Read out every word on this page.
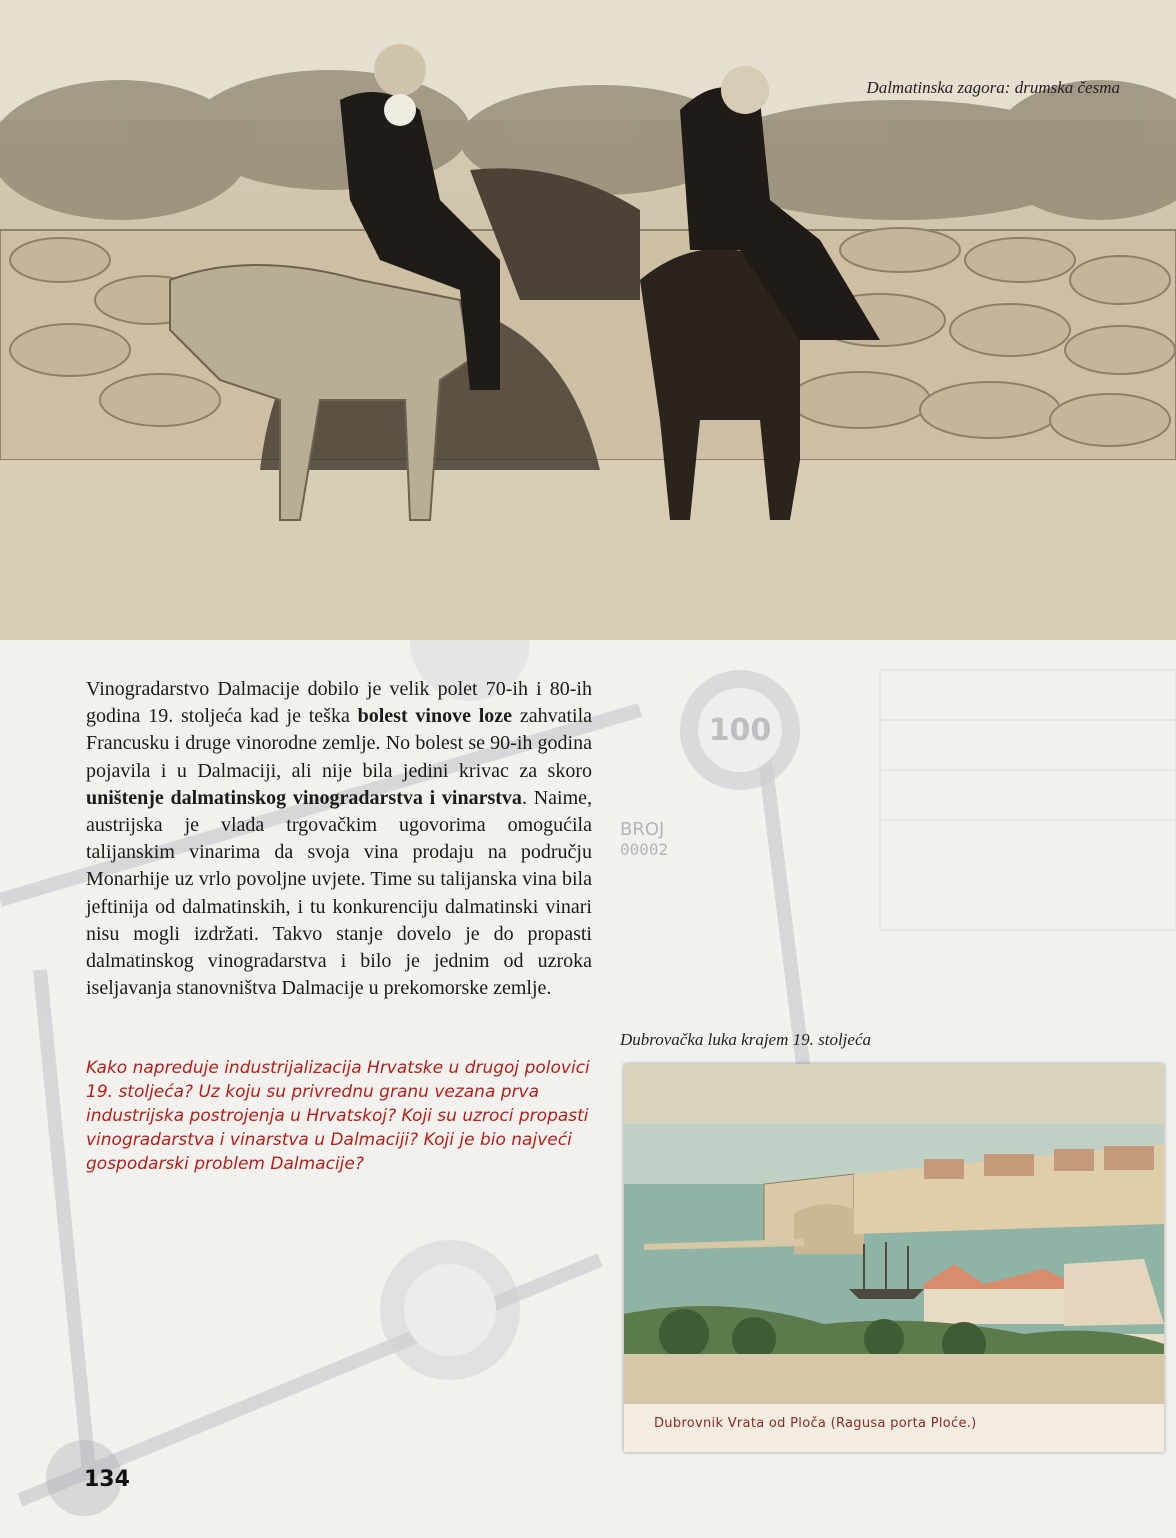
Dalmatinska zagora: drumska česma
100
BROJ
00002
Vinogradarstvo Dalmacije dobilo je velik polet 70-ih i 80-ih godina 19. stoljeća kad je teška bolest vinove loze zahvatila Francusku i druge vinorodne zemlje. No bolest se 90-ih godina pojavila i u Dalmaciji, ali nije bila jedini krivac za skoro uništenje dalmatinskog vinogradarstva i vinarstva. Naime, austrijska je vlada trgovačkim ugovorima omogućila talijanskim vinarima da svoja vina prodaju na području Monarhije uz vrlo povoljne uvjete. Time su talijanska vina bila jeftinija od dalmatinskih, i tu konkurenciju dalmatinski vinari nisu mogli izdržati. Takvo stanje dovelo je do propasti dalmatinskog vinogradarstva i bilo je jednim od uzroka iseljavanja stanovništva Dalmacije u prekomorske zemlje.
Kako napreduje industrijalizacija Hrvatske u drugoj polovici 19. stoljeća? Uz koju su privrednu granu vezana prva industrijska postrojenja u Hrvatskoj? Koji su uzroci propasti vinogradarstva i vinarstva u Dalmaciji? Koji je bio najveći gospodarski problem Dalmacije?
Dubrovačka luka krajem 19. stoljeća
Dubrovnik Vrata od Ploča (Ragusa porta Ploće.)
134
